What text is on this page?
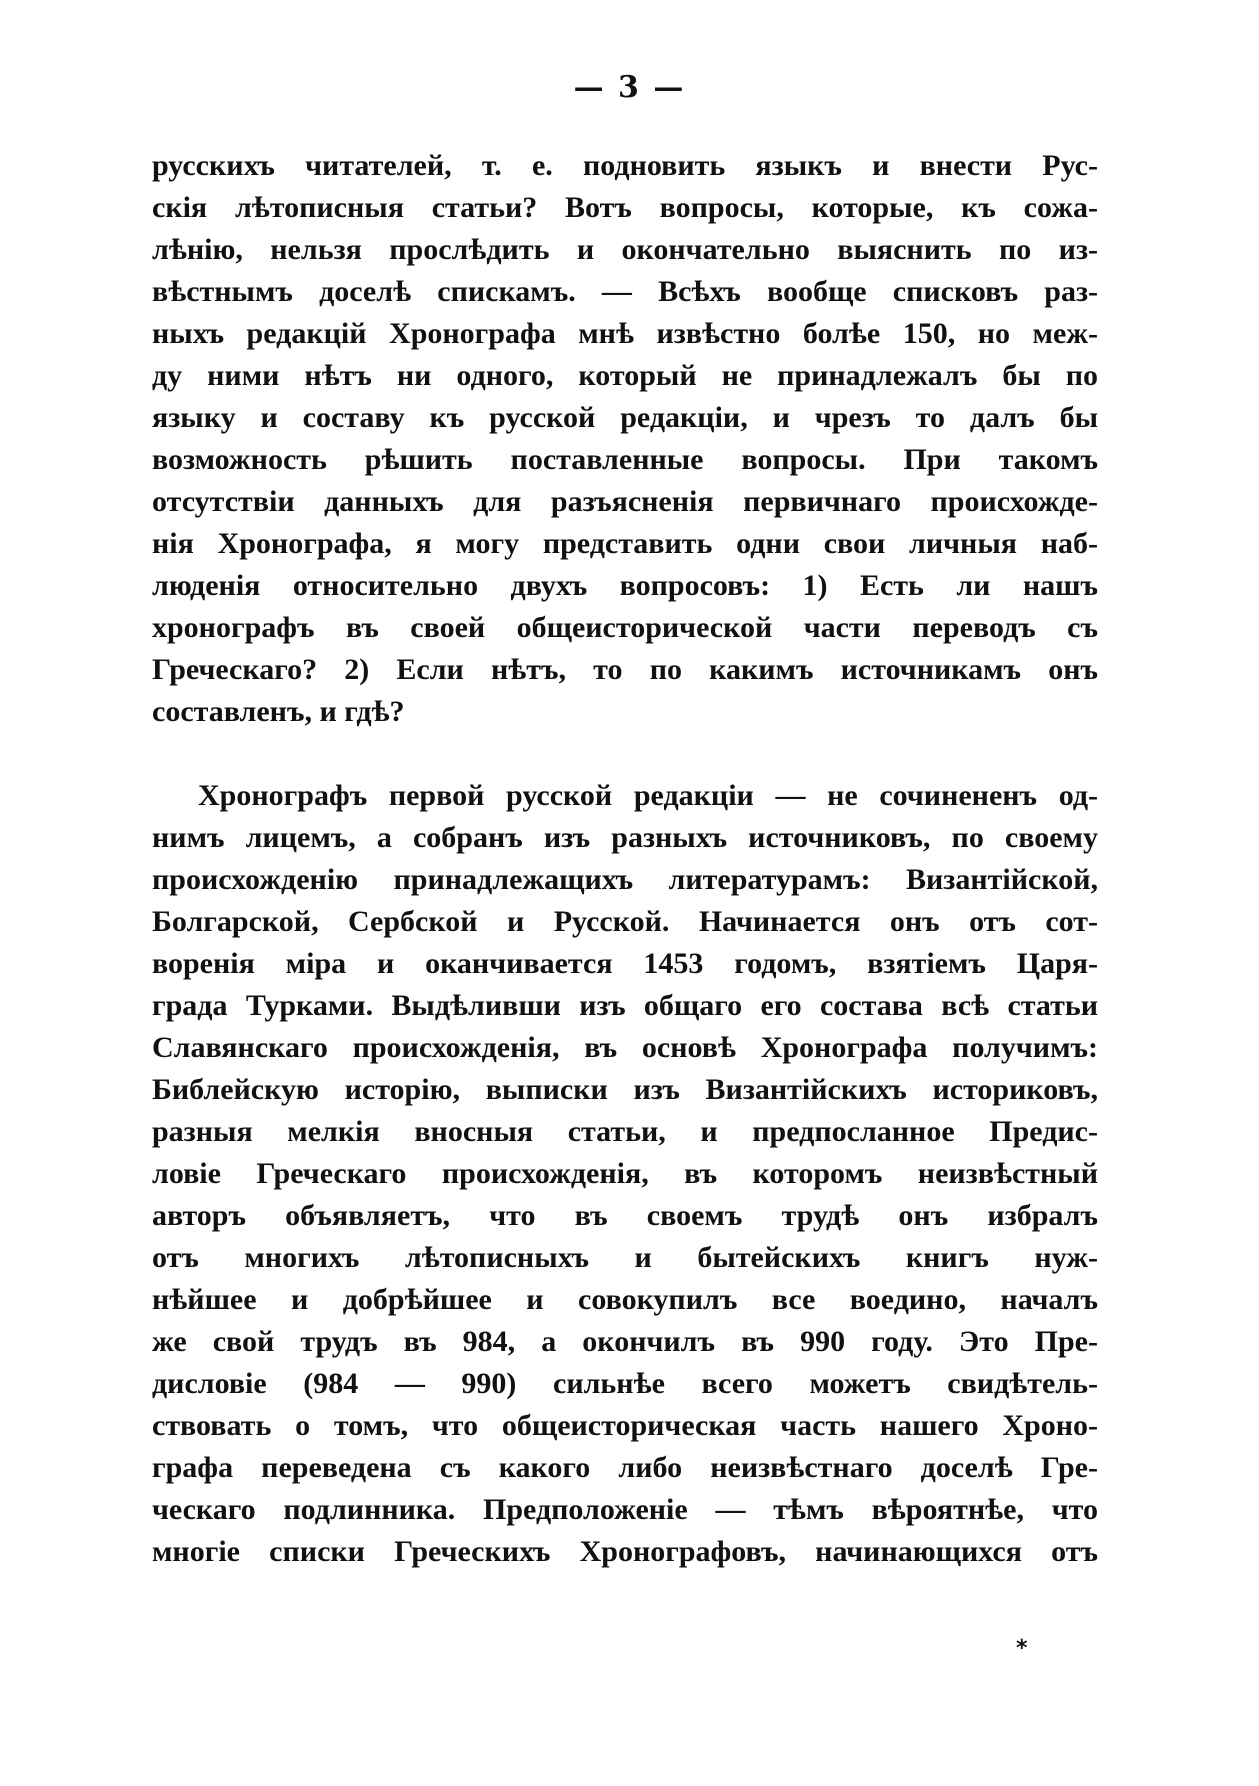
— 3 —
русскихъ читателей, т. е. подновить языкъ и внести Рус-
скія лѣтописныя статьи? Вотъ вопросы, которые, къ сожа-
лѣнію, нельзя прослѣдить и окончательно выяснить по из-
вѣстнымъ доселѣ спискамъ. — Всѣхъ вообще списковъ раз-
ныхъ редакцій Хронографа мнѣ извѣстно болѣе 150, но меж-
ду ними нѣтъ ни одного, который не принадлежалъ бы по
языку и составу къ русской редакціи, и чрезъ то далъ бы
возможность рѣшить поставленные вопросы. При такомъ
отсутствіи данныхъ для разъясненія первичнаго происхожде-
нія Хронографа, я могу представить одни свои личныя наб-
люденія относительно двухъ вопросовъ: 1) Есть ли нашъ
хронографъ въ своей общеисторической части переводъ съ
Греческаго? 2) Если нѣтъ, то по какимъ источникамъ онъ
составленъ, и гдѣ?
Хронографъ первой русской редакціи — не сочинененъ од-
нимъ лицемъ, а собранъ изъ разныхъ источниковъ, по своему
происхожденію принадлежащихъ литературамъ: Византійской,
Болгарской, Сербской и Русской. Начинается онъ отъ сот-
воренія міра и оканчивается 1453 годомъ, взятіемъ Царя-
града Турками. Выдѣливши изъ общаго его состава всѣ статьи
Славянскаго происхожденія, въ основѣ Хронографа получимъ:
Библейскую исторію, выписки изъ Византійскихъ историковъ,
разныя мелкія вносныя статьи, и предпосланное Предис-
ловіе Греческаго происхожденія, въ которомъ неизвѣстный
авторъ объявляетъ, что въ своемъ трудѣ онъ избралъ
отъ многихъ лѣтописныхъ и бытейскихъ книгъ нуж-
нѣйшее и добрѣйшее и совокупилъ все воедино, началъ
же свой трудъ въ 984, а окончилъ въ 990 году. Это Пре-
дисловіе (984 — 990) сильнѣе всего можетъ свидѣтель-
ствовать о томъ, что общеисторическая часть нашего Хроно-
графа переведена съ какого либо неизвѣстнаго доселѣ Гре-
ческаго подлинника. Предположеніе — тѣмъ вѣроятнѣе, что
многіе списки Греческихъ Хронографовъ, начинающихся отъ
*
